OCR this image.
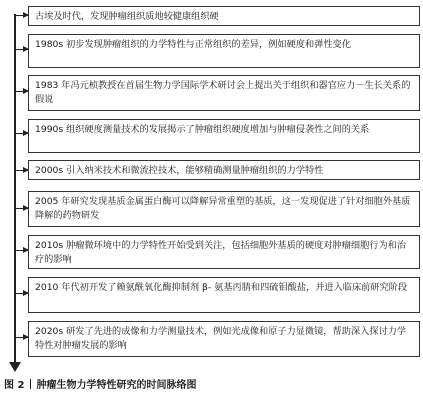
古埃及时代，发现肿瘤组织质地较健康组织硬
1980s 初步发现肿瘤组织的力学特性与正常组织的差异，例如硬度和弹性变化
1983 年冯元桢教授在首届生物力学国际学术研讨会上提出关于组织和器官应力－生长关系的假说
1990s 组织硬度测量技术的发展揭示了肿瘤组织硬度增加与肿瘤侵袭性之间的关系
2000s 引入纳米技术和微流控技术，能够精确测量肿瘤组织的力学特性
2005 年研究发现基质金属蛋白酶可以降解异常重塑的基质，这一发现促进了针对细胞外基质降解的药物研发
2010s 肿瘤微环境中的力学特性开始受到关注，包括细胞外基质的硬度对肿瘤细胞行为和治疗的影响
2010 年代初开发了赖氨酰氧化酶抑制剂 β- 氨基丙腈和四硫钼酸盐，并进入临床前研究阶段
2020s 研发了先进的成像和力学测量技术，例如光成像和原子力显微镜，帮助深入探讨力学特性对肿瘤发展的影响
图 2 肿瘤生物力学特性研究的时间脉络图
